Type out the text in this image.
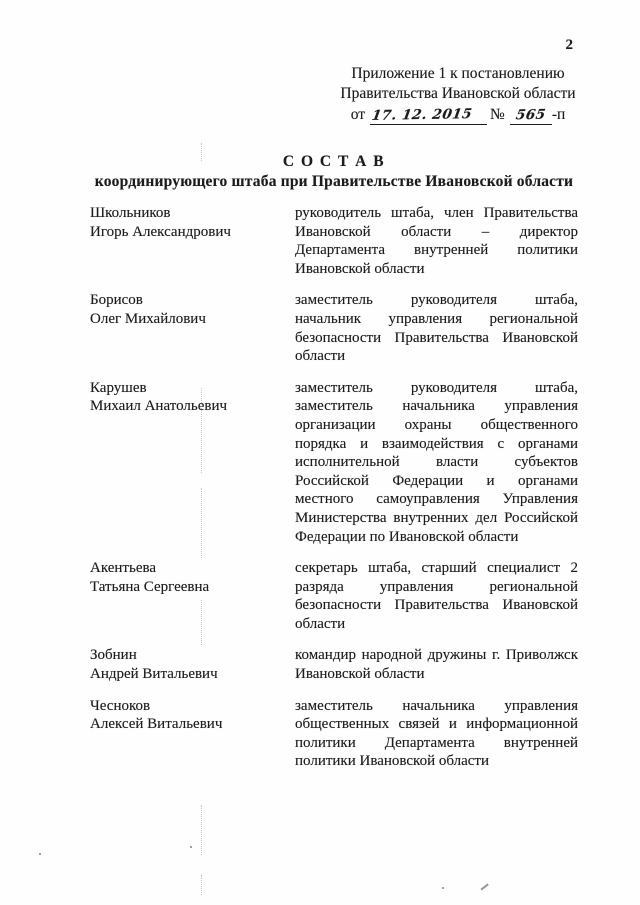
2
Приложение 1 к постановлению
Правительства Ивановской области
от 17. 12. 2015 № 565 -п
С О С Т А В
координирующего штаба при Правительстве Ивановской области
Школьников
Игорь Александрович
руководитель штаба, член Правительства Ивановской области – директор Департамента внутренней политики Ивановской области
Борисов
Олег Михайлович
заместитель руководителя штаба, начальник управления региональной безопасности Правительства Ивановской области
Карушев
Михаил Анатольевич
заместитель руководителя штаба, заместитель начальника управления организации охраны общественного порядка и взаимодействия с органами исполнительной власти субъектов Российской Федерации и органами местного самоуправления Управления Министерства внутренних дел Российской Федерации по Ивановской области
Акентьева
Татьяна Сергеевна
секретарь штаба, старший специалист 2 разряда управления региональной безопасности Правительства Ивановской области
Зобнин
Андрей Витальевич
командир народной дружины г. Приволжск Ивановской области
Чесноков
Алексей Витальевич
заместитель начальника управления общественных связей и информационной политики Департамента внутренней политики Ивановской области
